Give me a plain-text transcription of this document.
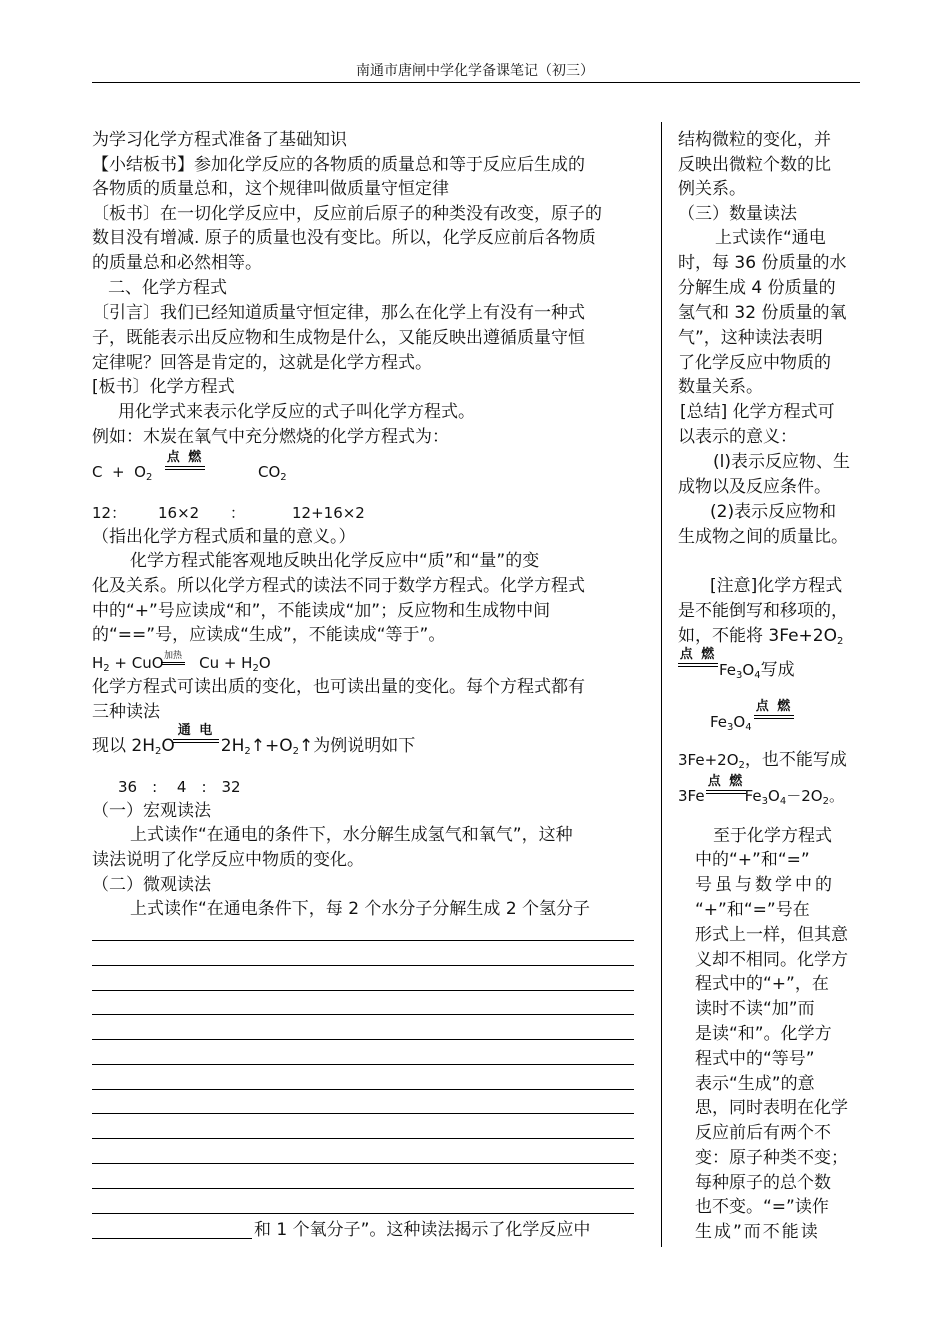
南通市唐闸中学化学备课笔记（初三）
为学习化学方程式准备了基础知识
【小结板书】参加化学反应的各物质的质量总和等于反应后生成的
各物质的质量总和，这个规律叫做质量守恒定律
〔板书〕在一切化学反应中，反应前后原子的种类没有改变，原子的
数目没有增减. 原子的质量也没有变比。所以，化学反应前后各物质
的质量总和必然相等。
二、化学方程式
〔引言〕我们已经知道质量守恒定律，那么在化学上有没有一种式
子，既能表示出反应物和生成物是什么，又能反映出遵循质量守恒
定律呢？回答是肯定的，这就是化学方程式。
[板书〕化学方程式
用化学式来表示化学反应的式子叫化学方程式。
例如：木炭在氧气中充分燃烧的化学方程式为：
$C + O_2$
点 燃
$CO_2$
12： 16×2 ：	12+16×2
（指出化学方程式质和量的意义。）
化学方程式能客观地反映出化学反应中“质”和“量”的变
化及关系。所以化学方程式的读法不同于数学方程式。化学方程式
中的“+”号应读成“和”，不能读成“加”；反应物和生成物中间
的“==”号，应读成“生成”，不能读成“等于”。
$H_2$ + CuO  $Cu + H_2O$
加热
化学方程式可读出质的变化，也可读出量的变化。每个方程式都有
三种读法
现以 $2H_2O$	$2H_2↑+O_2↑$为例说明如下
通 电
36　:　 4　:　32
（一）宏观读法
上式读作“在通电的条件下，水分解生成氢气和氧气”，这种
读法说明了化学反应中物质的变化。
（二）微观读法
上式读作“在通电条件下，每 2 个水分子分解生成 2 个氢分子
和 1 个氧分子”。这种读法揭示了化学反应中
结构微粒的变化，并
反映出微粒个数的比
例关系。
（三）数量读法
上式读作“通电
时，每 36 份质量的水
分解生成 4 份质量的
氢气和 32 份质量的氧
气”，这种读法表明
了化学反应中物质的
数量关系。
[总结] 化学方程式可
以表示的意义：
(l)表示反应物、生
成物以及反应条件。
(2)表示反应物和
生成物之间的质量比。
[注意]化学方程式
是不能倒写和移项的，
如，不能将 $3Fe+2O_2$
点 燃
$Fe_3O_4$写成
$Fe_3O_4$
点 燃
$3Fe+2O_2$，也不能写成
3Fe	$Fe_3O_4-2O_2$。
点 燃
至于化学方程式
中的“+”和“=”
号虽与数学中的
“+”和“=”号在
形式上一样，但其意
义却不相同。化学方
程式中的“+”，在
读时不读“加”而
是读“和”。化学方
程式中的“等号”
表示“生成”的意
思，同时表明在化学
反应前后有两个不
变：原子种类不变；
每种原子的总个数
也不变。“=”读作
生成”而不能读
